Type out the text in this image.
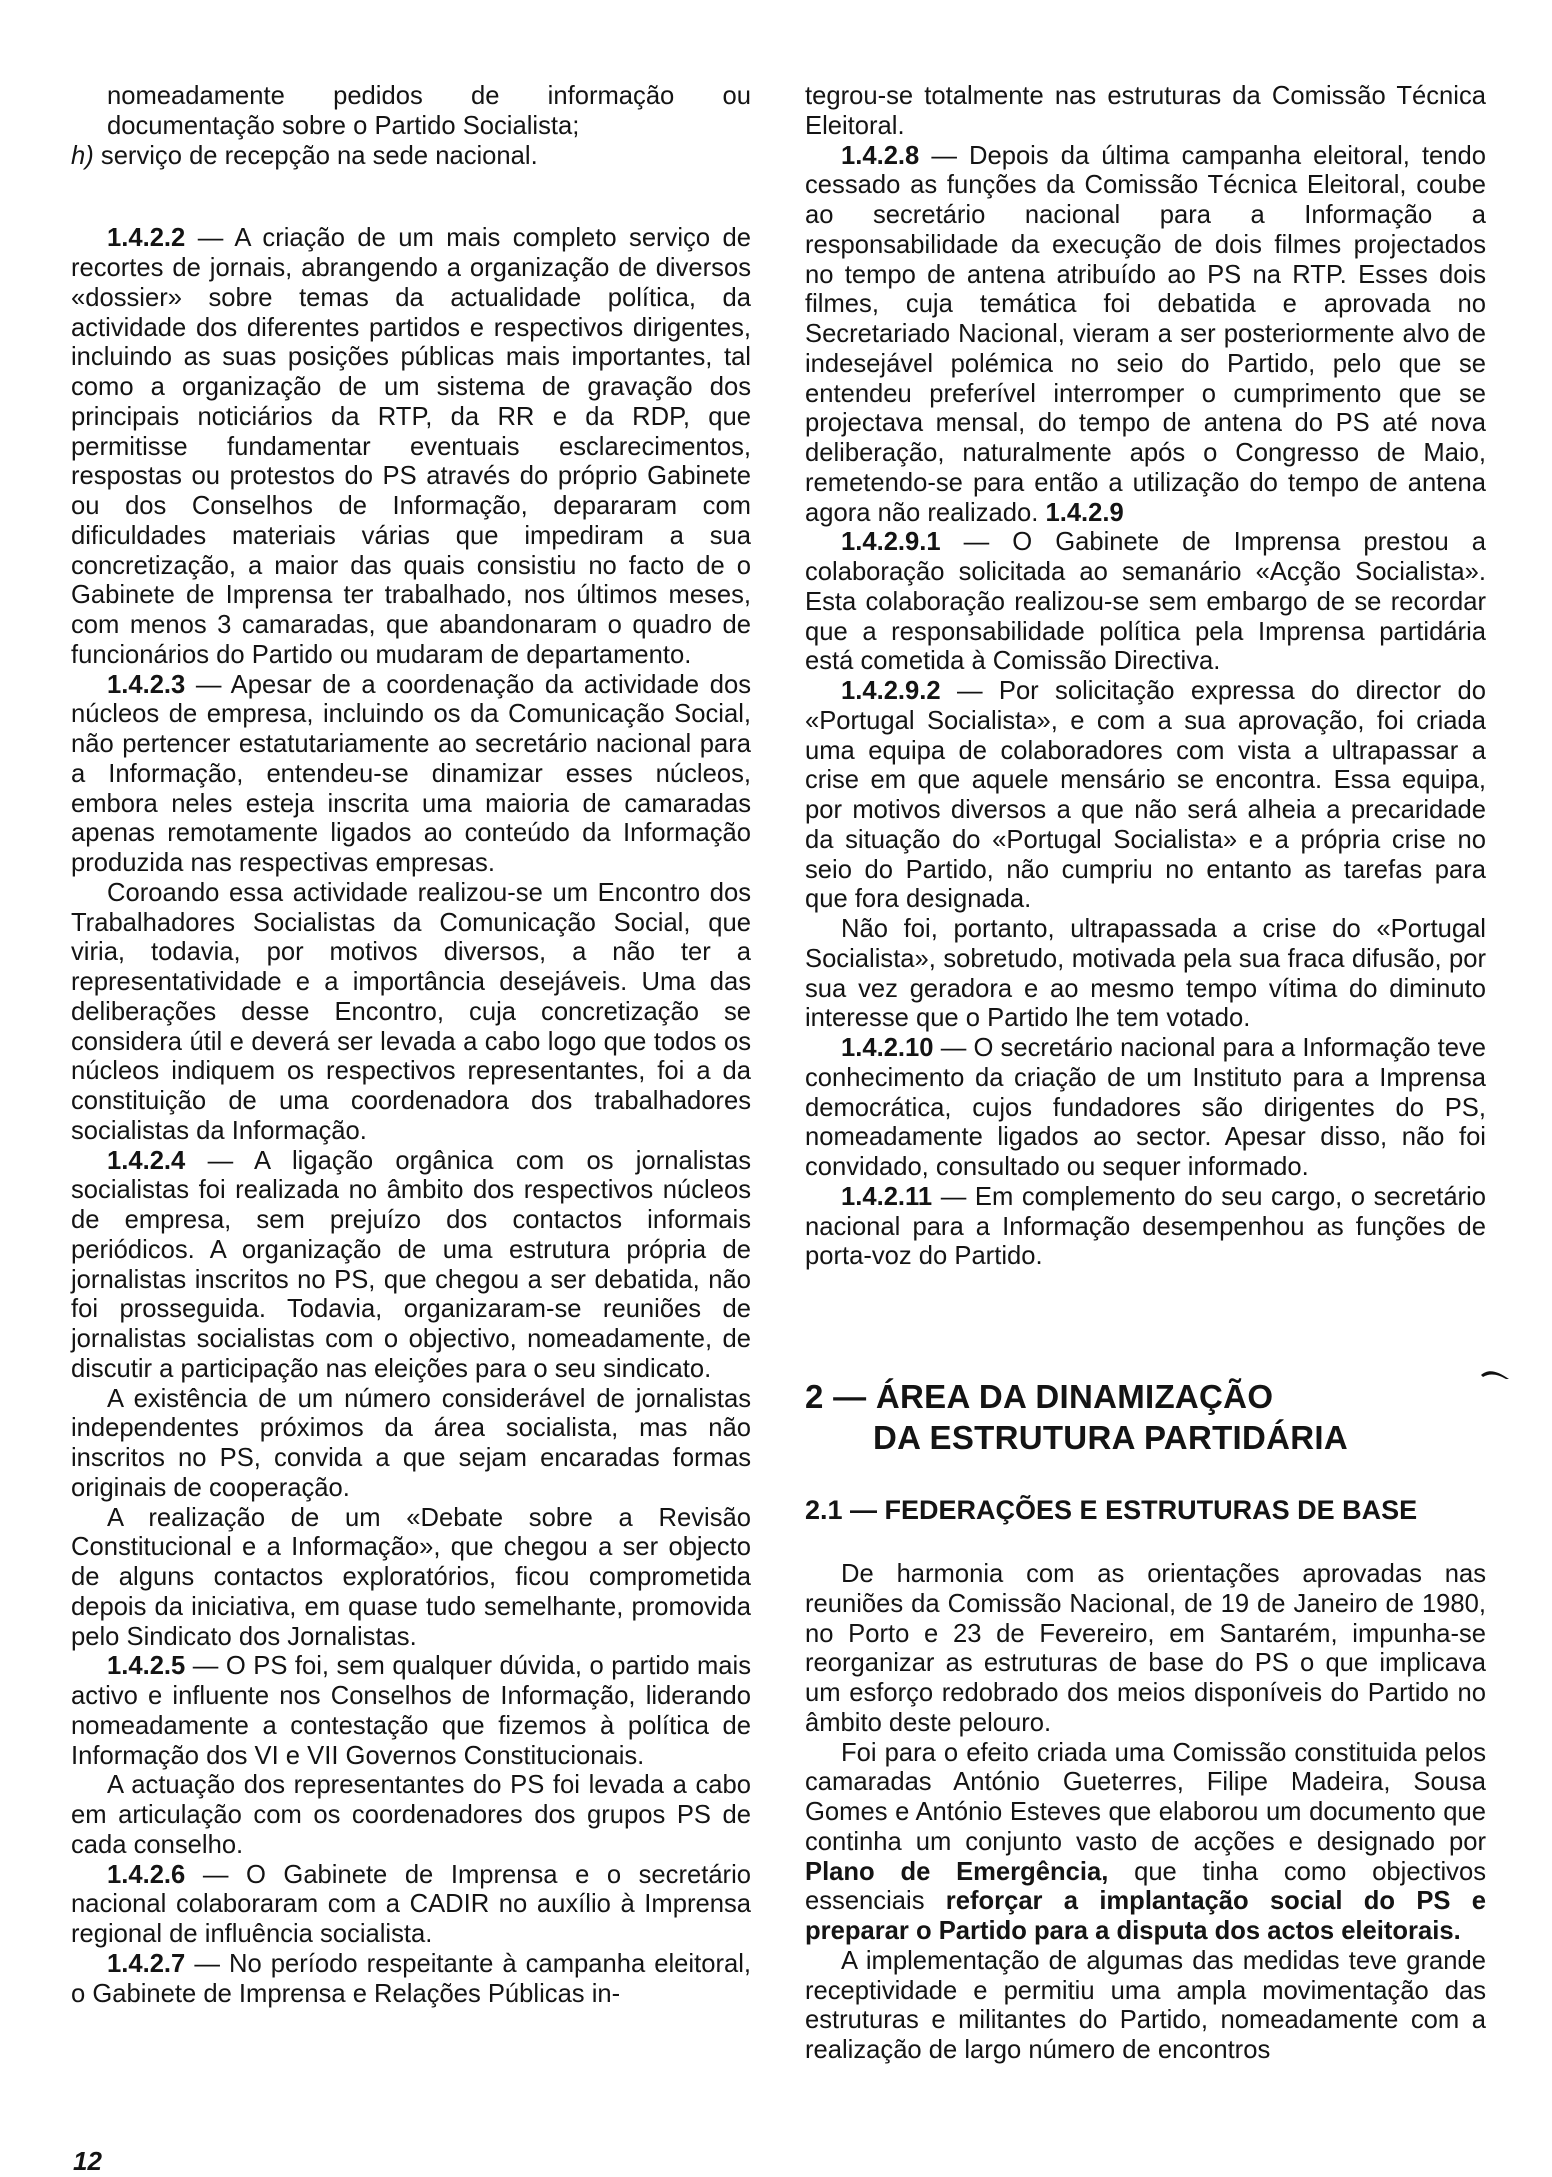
nomeadamente pedidos de informação ou documentação sobre o Partido Socialista;

h) serviço de recepção na sede nacional.

1.4.2.2 — A criação de um mais completo serviço de recortes de jornais, abrangendo a organização de diversos «dossier» sobre temas da actualidade política, da actividade dos diferentes partidos e respectivos dirigentes, incluindo as suas posições públicas mais importantes, tal como a organização de um sistema de gravação dos principais noticiários da RTP, da RR e da RDP, que permitisse fundamentar eventuais esclarecimentos, respostas ou protestos do PS através do próprio Gabinete ou dos Conselhos de Informação, depararam com dificuldades materiais várias que impediram a sua concretização, a maior das quais consistiu no facto de o Gabinete de Imprensa ter trabalhado, nos últimos meses, com menos 3 camaradas, que abandonaram o quadro de funcionários do Partido ou mudaram de departamento.

1.4.2.3 — Apesar de a coordenação da actividade dos núcleos de empresa, incluindo os da Comunicação Social, não pertencer estatutariamente ao secretário nacional para a Informação, entendeu-se dinamizar esses núcleos, embora neles esteja inscrita uma maioria de camaradas apenas remotamente ligados ao conteúdo da Informação produzida nas respectivas empresas.

Coroando essa actividade realizou-se um Encontro dos Trabalhadores Socialistas da Comunicação Social, que viria, todavia, por motivos diversos, a não ter a representatividade e a importância desejáveis. Uma das deliberações desse Encontro, cuja concretização se considera útil e deverá ser levada a cabo logo que todos os núcleos indiquem os respectivos representantes, foi a da constituição de uma coordenadora dos trabalhadores socialistas da Informação.

1.4.2.4 — A ligação orgânica com os jornalistas socialistas foi realizada no âmbito dos respectivos núcleos de empresa, sem prejuízo dos contactos informais periódicos. A organização de uma estrutura própria de jornalistas inscritos no PS, que chegou a ser debatida, não foi prosseguida. Todavia, organizaram-se reuniões de jornalistas socialistas com o objectivo, nomeadamente, de discutir a participação nas eleições para o seu sindicato.

A existência de um número considerável de jornalistas independentes próximos da área socialista, mas não inscritos no PS, convida a que sejam encaradas formas originais de cooperação.

A realização de um «Debate sobre a Revisão Constitucional e a Informação», que chegou a ser objecto de alguns contactos exploratórios, ficou comprometida depois da iniciativa, em quase tudo semelhante, promovida pelo Sindicato dos Jornalistas.

1.4.2.5 — O PS foi, sem qualquer dúvida, o partido mais activo e influente nos Conselhos de Informação, liderando nomeadamente a contestação que fizemos à política de Informação dos VI e VII Governos Constitucionais.

A actuação dos representantes do PS foi levada a cabo em articulação com os coordenadores dos grupos PS de cada conselho.

1.4.2.6 — O Gabinete de Imprensa e o secretário nacional colaboraram com a CADIR no auxílio à Imprensa regional de influência socialista.

1.4.2.7 — No período respeitante à campanha eleitoral, o Gabinete de Imprensa e Relações Públicas in-

tegrou-se totalmente nas estruturas da Comissão Técnica Eleitoral.

1.4.2.8 — Depois da última campanha eleitoral, tendo cessado as funções da Comissão Técnica Eleitoral, coube ao secretário nacional para a Informação a responsabilidade da execução de dois filmes projectados no tempo de antena atribuído ao PS na RTP. Esses dois filmes, cuja temática foi debatida e aprovada no Secretariado Nacional, vieram a ser posteriormente alvo de indesejável polémica no seio do Partido, pelo que se entendeu preferível interromper o cumprimento que se projectava mensal, do tempo de antena do PS até nova deliberação, naturalmente após o Congresso de Maio, remetendo-se para então a utilização do tempo de antena agora não realizado. 1.4.2.9

1.4.2.9.1 — O Gabinete de Imprensa prestou a colaboração solicitada ao semanário «Acção Socialista». Esta colaboração realizou-se sem embargo de se recordar que a responsabilidade política pela Imprensa partidária está cometida à Comissão Directiva.

1.4.2.9.2 — Por solicitação expressa do director do «Portugal Socialista», e com a sua aprovação, foi criada uma equipa de colaboradores com vista a ultrapassar a crise em que aquele mensário se encontra. Essa equipa, por motivos diversos a que não será alheia a precaridade da situação do «Portugal Socialista» e a própria crise no seio do Partido, não cumpriu no entanto as tarefas para que fora designada.

Não foi, portanto, ultrapassada a crise do «Portugal Socialista», sobretudo, motivada pela sua fraca difusão, por sua vez geradora e ao mesmo tempo vítima do diminuto interesse que o Partido lhe tem votado.

1.4.2.10 — O secretário nacional para a Informação teve conhecimento da criação de um Instituto para a Imprensa democrática, cujos fundadores são dirigentes do PS, nomeadamente ligados ao sector. Apesar disso, não foi convidado, consultado ou sequer informado.

1.4.2.11 — Em complemento do seu cargo, o secretário nacional para a Informação desempenhou as funções de porta-voz do Partido.

2 — ÁREA DA DINAMIZAÇÃO
DA ESTRUTURA PARTIDÁRIA
2.1 — FEDERAÇÕES E ESTRUTURAS DE BASE

De harmonia com as orientações aprovadas nas reuniões da Comissão Nacional, de 19 de Janeiro de 1980, no Porto e 23 de Fevereiro, em Santarém, impunha-se reorganizar as estruturas de base do PS o que implicava um esforço redobrado dos meios disponíveis do Partido no âmbito deste pelouro.

Foi para o efeito criada uma Comissão constituida pelos camaradas António Gueterres, Filipe Madeira, Sousa Gomes e António Esteves que elaborou um documento que continha um conjunto vasto de acções e designado por Plano de Emergência, que tinha como objectivos essenciais reforçar a implantação social do PS e preparar o Partido para a disputa dos actos eleitorais.

A implementação de algumas das medidas teve grande receptividade e permitiu uma ampla movimentação das estruturas e militantes do Partido, nomeadamente com a realização de largo número de encontros

12
